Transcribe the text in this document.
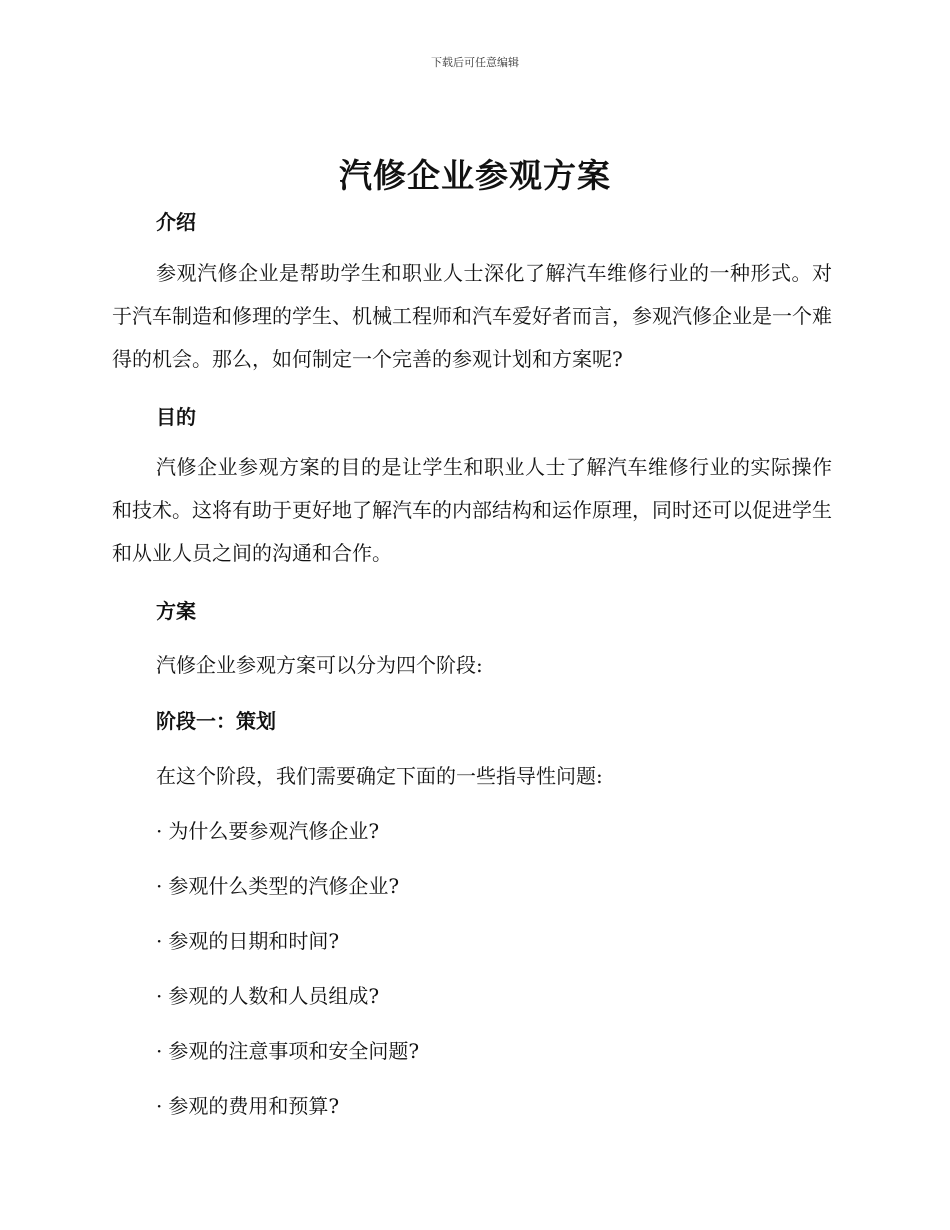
下载后可任意编辑
汽修企业参观方案
介绍

参观汽修企业是帮助学生和职业人士深化了解汽车维修行业的一种形式。对于汽车制造和修理的学生、机械工程师和汽车爱好者而言，参观汽修企业是一个难得的机会。那么，如何制定一个完善的参观计划和方案呢?

目的

汽修企业参观方案的目的是让学生和职业人士了解汽车维修行业的实际操作和技术。这将有助于更好地了解汽车的内部结构和运作原理，同时还可以促进学生和从业人员之间的沟通和合作。

方案

汽修企业参观方案可以分为四个阶段:

阶段一：策划

在这个阶段，我们需要确定下面的一些指导性问题:

· 为什么要参观汽修企业?

· 参观什么类型的汽修企业?

· 参观的日期和时间?

· 参观的人数和人员组成?

· 参观的注意事项和安全问题?

· 参观的费用和预算?
